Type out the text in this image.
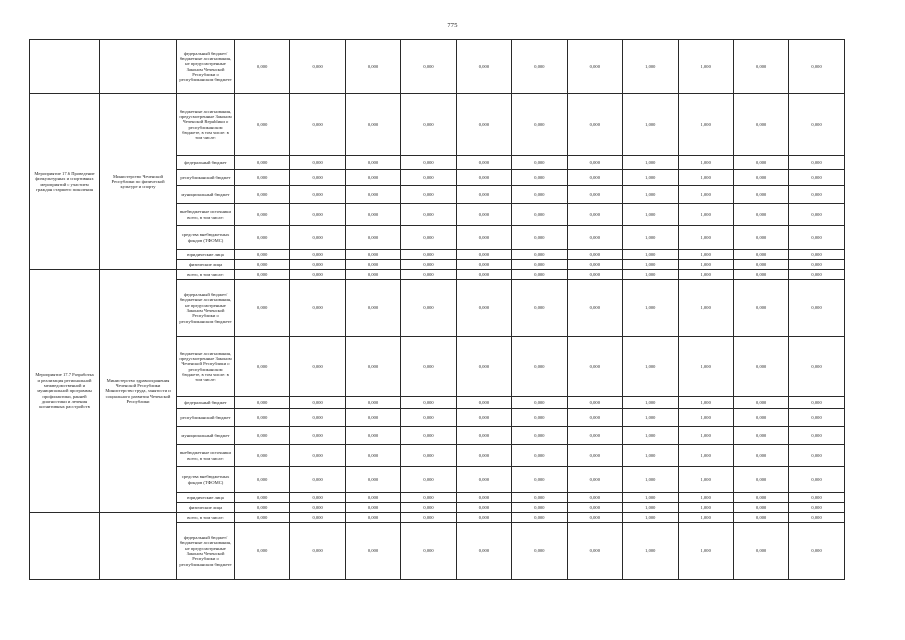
775
		федеральный бюджет/бюджетные ассигнования, не предусмотренные Законом Чеченской Республики о республиканском бюджете	0,000	0,000	0,000	0,000	0,000	0,000	0,000	1,000	1,000	0,000	0,000
Мероприятие 17.6 Проведение физкультурных и спортивных мероприятий с участием граждан старшего поколения	Министерство Чеченской Республики по физической культуре и спорту	бюджетные ассигнования, предусмотренные Законом Чеченской Republики о республиканском бюджете, в том числе: в том числе:	0,000	0,000	0,000	0,000	0,000	0,000	0,000	1,000	1,000	0,000	0,000
		федеральный бюджет	0,000	0,000	0,000	0,000	0,000	0,000	0,000	1,000	1,000	0,000	0,000
		республиканский бюджет	0,000	0,000	0,000	0,000	0,000	0,000	0,000	1,000	1,000	0,000	0,000
		муниципальный бюджет	0,000	0,000	0,000	0,000	0,000	0,000	0,000	1,000	1,000	0,000	0,000
		внебюджетные источники всего, в том числе:	0,000	0,000	0,000	0,000	0,000	0,000	0,000	1,000	1,000	0,000	0,000
		средства внебюджетных фондов (ТФОМС)	0,000	0,000	0,000	0,000	0,000	0,000	0,000	1,000	1,000	0,000	0,000
		юридические лица	0,000	0,000	0,000	0,000	0,000	0,000	0,000	1,000	1,000	0,000	0,000
		физические лица	0,000	0,000	0,000	0,000	0,000	0,000	0,000	1,000	1,000	0,000	0,000
Мероприятие 17.7 Разработка и реализация региональной межведомственной и муниципальной программы профилактики, ранней диагностики и лечения когнитивных расстройств	Министерство здравоохранения Чеченской Республики Министерство труда, занятости и социального развития Чеченской Республики	всего, в том числе:	0,000	0,000	0,000	0,000	0,000	0,000	0,000	1,000	1,000	0,000	0,000
		федеральный бюджет/бюджетные ассигнования, не предусмотренные Законом Чеченской Республики о республиканском бюджете	0,000	0,000	0,000	0,000	0,000	0,000	0,000	1,000	1,000	0,000	0,000
		бюджетные ассигнования, предусмотренные Законом Чеченской Республики о республиканском бюджете, в том числе: в том числе:	0,000	0,000	0,000	0,000	0,000	0,000	0,000	1,000	1,000	0,000	0,000
		федеральный бюджет	0,000	0,000	0,000	0,000	0,000	0,000	0,000	1,000	1,000	0,000	0,000
		республиканский бюджет	0,000	0,000	0,000	0,000	0,000	0,000	0,000	1,000	1,000	0,000	0,000
		муниципальный бюджет	0,000	0,000	0,000	0,000	0,000	0,000	0,000	1,000	1,000	0,000	0,000
		внебюджетные источники всего, в том числе:	0,000	0,000	0,000	0,000	0,000	0,000	0,000	1,000	1,000	0,000	0,000
		средства внебюджетных фондов (ТФОМС)	0,000	0,000	0,000	0,000	0,000	0,000	0,000	1,000	1,000	0,000	0,000
		юридические лица	0,000	0,000	0,000	0,000	0,000	0,000	0,000	1,000	1,000	0,000	0,000
		физические лица	0,000	0,000	0,000	0,000	0,000	0,000	0,000	1,000	1,000	0,000	0,000
		всего, в том числе:	0,000	0,000	0,000	0,000	0,000	0,000	0,000	1,000	1,000	0,000	0,000
		федеральный бюджет/бюджетные ассигнования, не предусмотренные Законом Чеченской Республики о республиканском бюджете	0,000	0,000	0,000	0,000	0,000	0,000	0,000	1,000	1,000	0,000	0,000
